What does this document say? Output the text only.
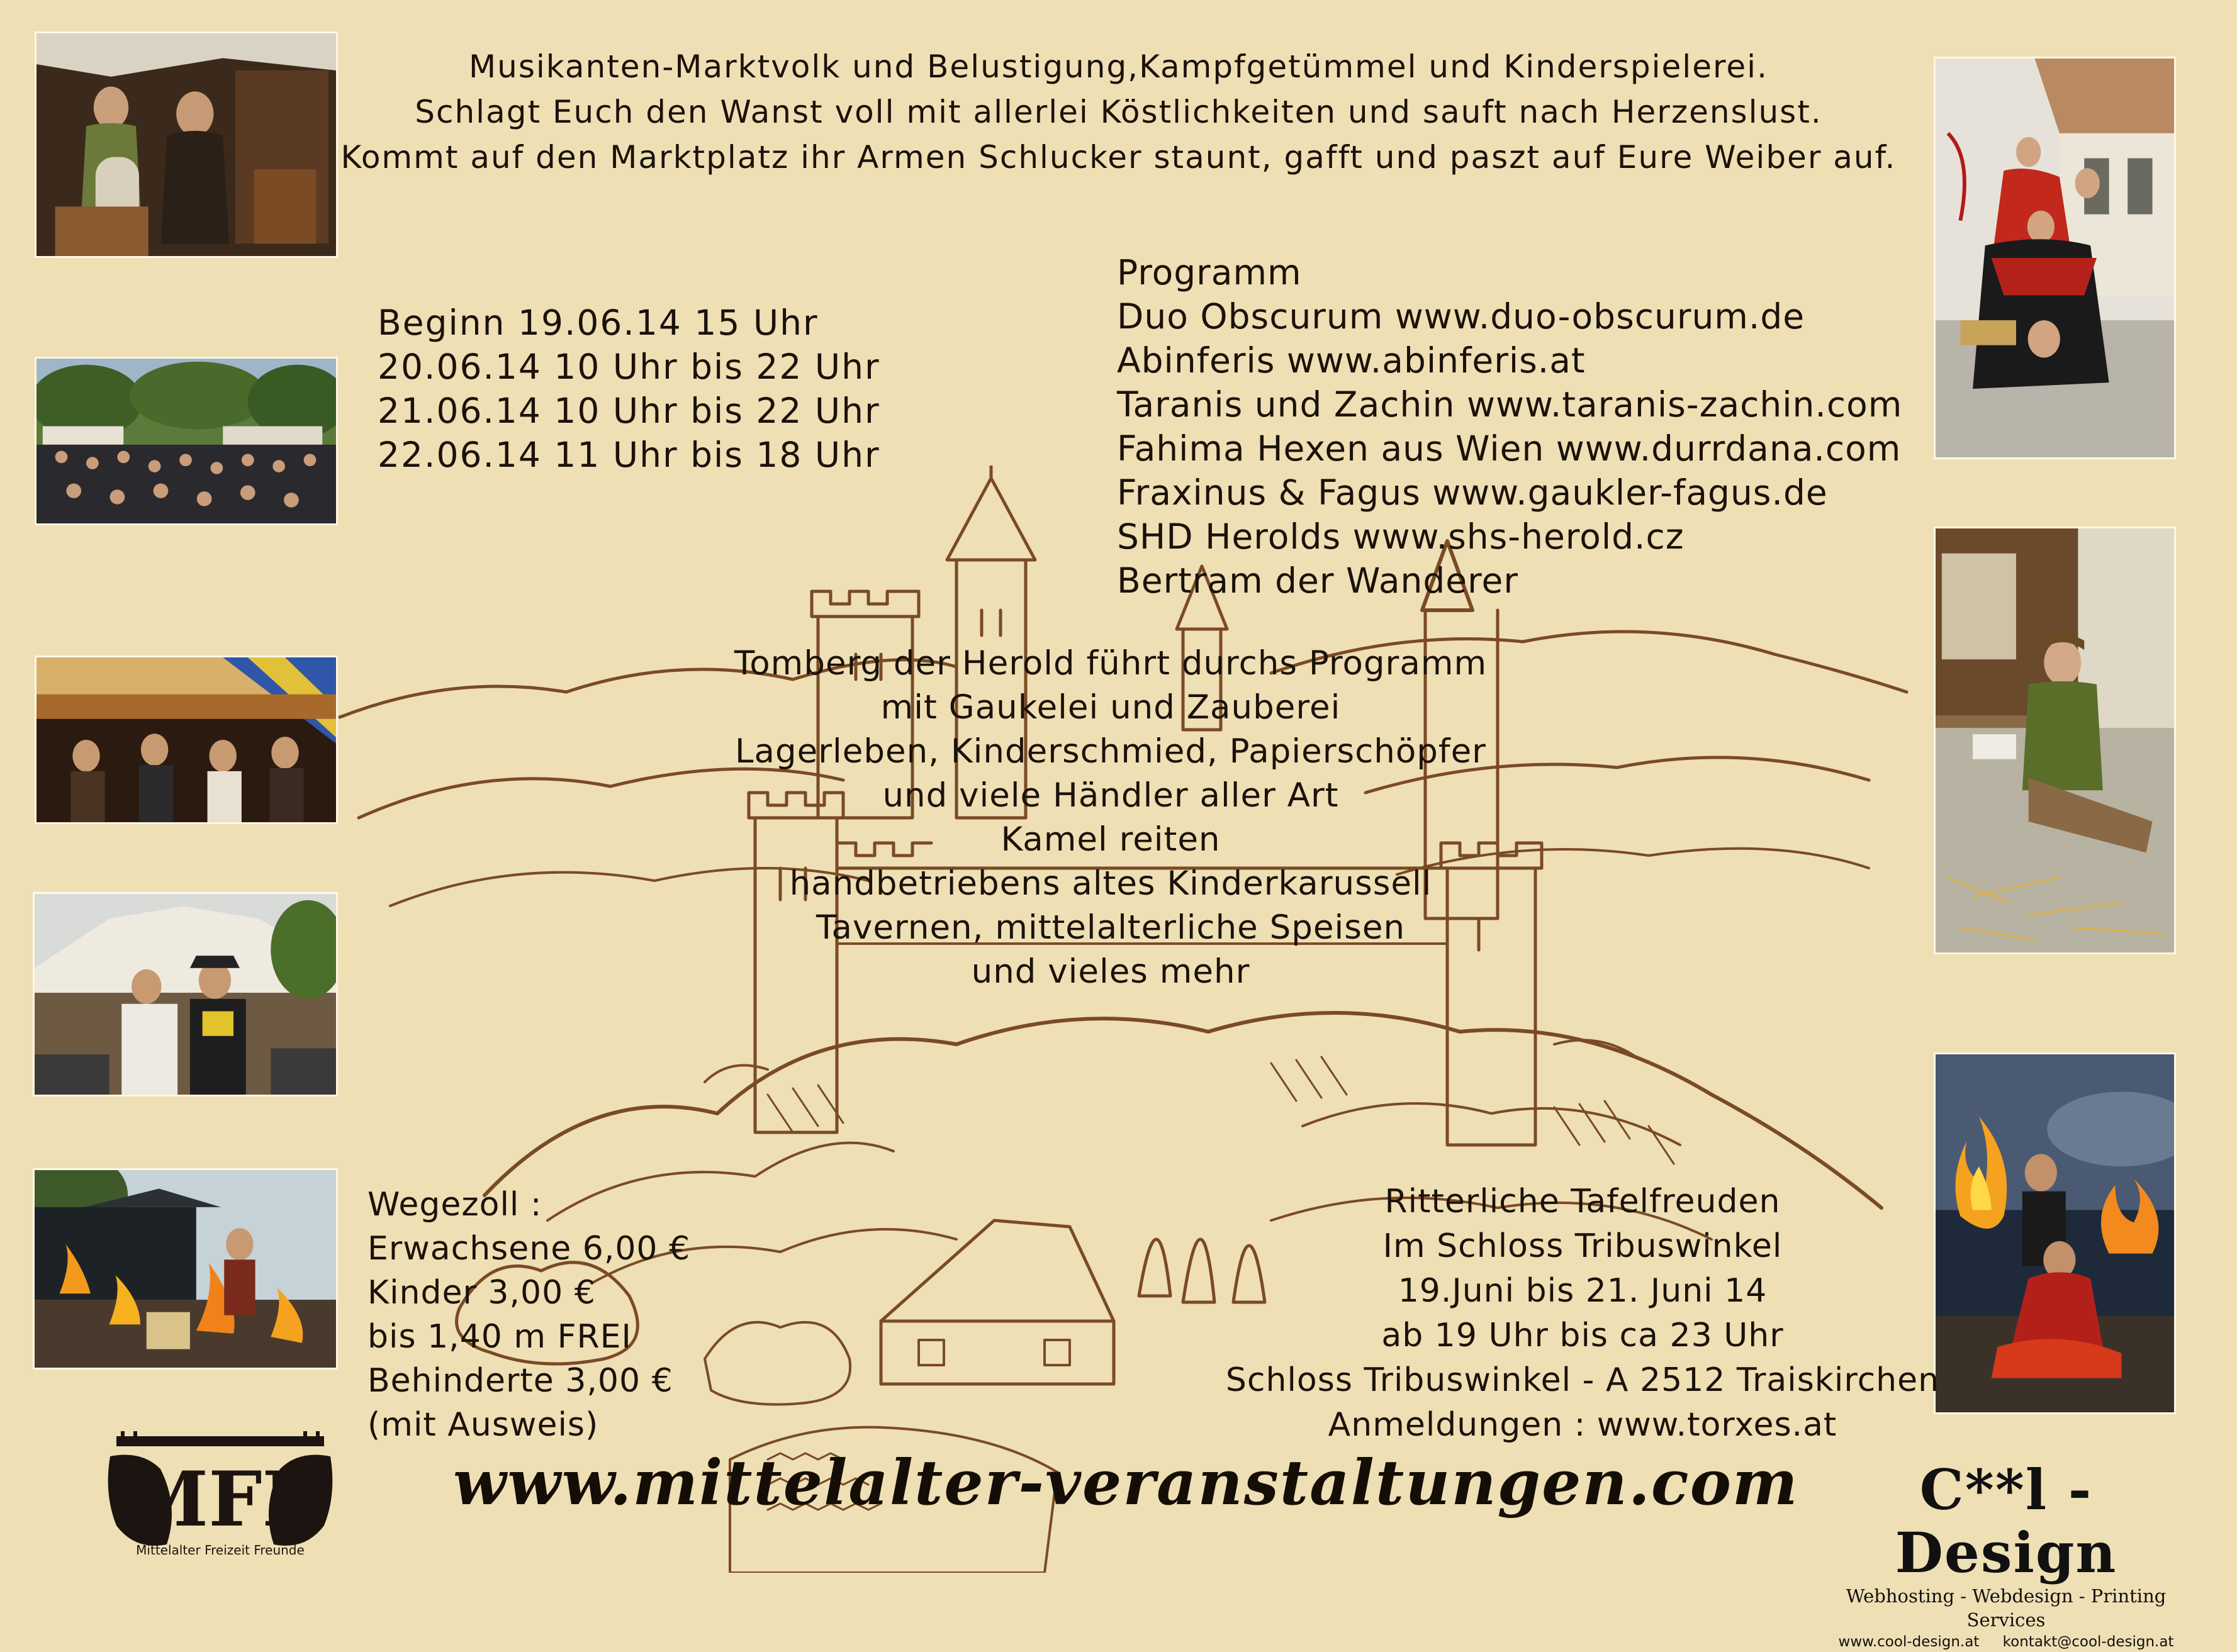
Musikanten-Marktvolk und Belustigung,Kampfgetümmel und Kinderspielerei.
Schlagt Euch den Wanst voll mit allerlei Köstlichkeiten und sauft nach Herzenslust.
Kommt auf den Marktplatz ihr Armen Schlucker staunt, gafft und paszt auf Eure Weiber auf.
Beginn 19.06.14 15 Uhr
20.06.14 10 Uhr bis 22 Uhr
21.06.14 10 Uhr bis 22 Uhr
22.06.14 11 Uhr bis 18 Uhr
Programm
Duo Obscurum www.duo-obscurum.de
Abinferis www.abinferis.at
Taranis und Zachin www.taranis-zachin.com
Fahima Hexen aus Wien www.durrdana.com
Fraxinus & Fagus www.gaukler-fagus.de
SHD Herolds www.shs-herold.cz
Bertram der Wanderer
Tomberg der Herold führt durchs Programm
mit Gaukelei und Zauberei
Lagerleben, Kinderschmied, Papierschöpfer
und viele Händler aller Art
Kamel reiten
handbetriebens altes Kinderkarussell
Tavernen, mittelalterliche Speisen
und vieles mehr
Wegezoll :
Erwachsene 6,00 €
Kinder 3,00 €
bis 1,40 m FREI
Behinderte 3,00 €
(mit Ausweis)
Ritterliche Tafelfreuden
Im Schloss Tribuswinkel
19.Juni bis 21. Juni 14
ab 19 Uhr bis ca 23 Uhr
Schloss Tribuswinkel - A 2512 Traiskirchen
Anmeldungen : www.torxes.at
www.mittelalter-veranstaltungen.com
MFF
Mittelalter Freizeit Freunde
C**l - Design
Webhosting - Webdesign - Printing Services
www.cool-design.at kontakt@cool-design.at
